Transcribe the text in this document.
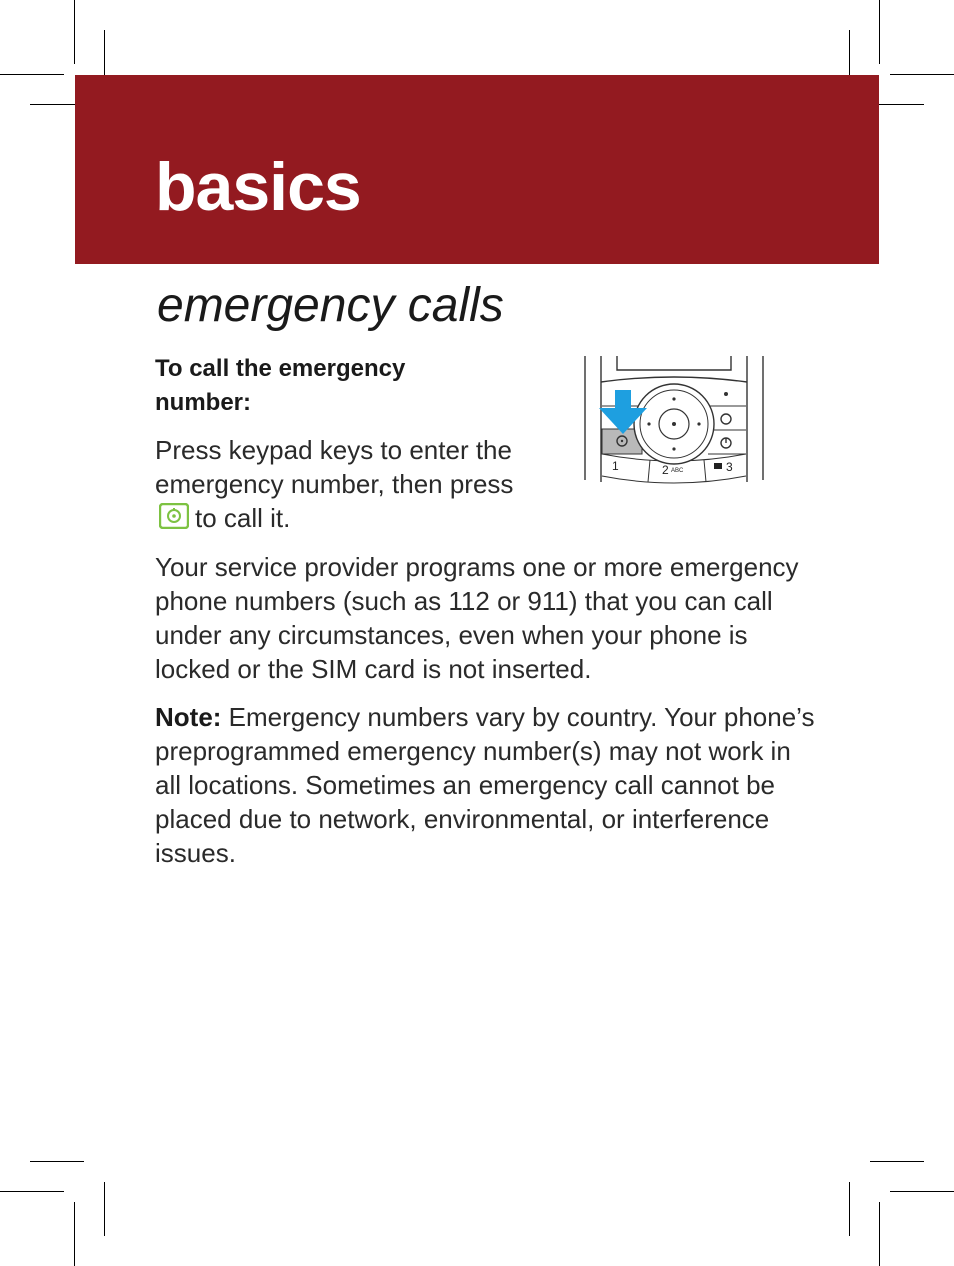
basics
emergency calls

To call the emergency number:

Press keypad keys to enter the emergency number, then pressto call it.

1	2 ABC	3

Your service provider programs one or more emergency phone numbers (such as 112 or 911) that you can call under any circumstances, even when your phone is locked or the SIM card is not inserted.

Note: Emergency numbers vary by country. Your phone’s preprogrammed emergency number(s) may not work in all locations. Sometimes an emergency call cannot be placed due to network, environmental, or interference issues.
